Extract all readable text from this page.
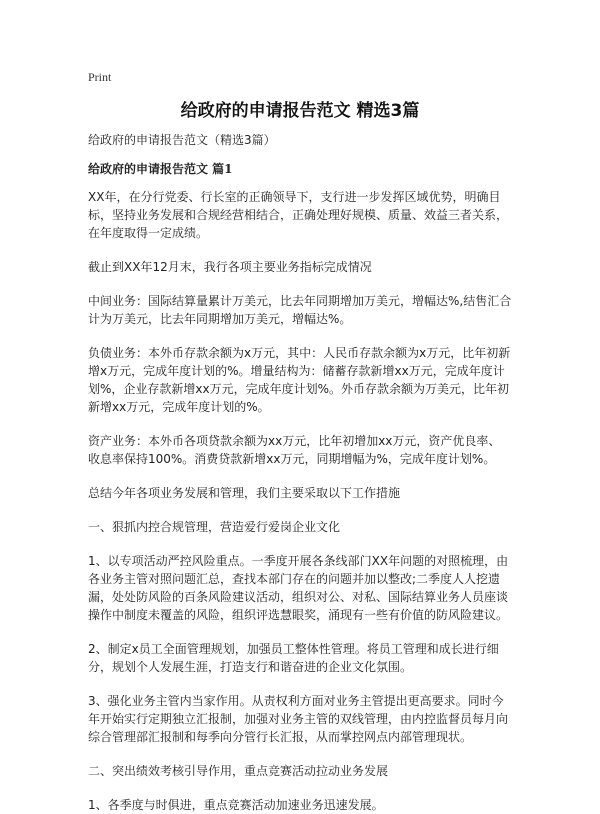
Print
给政府的申请报告范文 精选3篇

给政府的申请报告范文（精选3篇）

给政府的申请报告范文 篇1

XX年，在分行党委、行长室的正确领导下，支行进一步发挥区域优势，明确目标，坚持业务发展和合规经营相结合，正确处理好规模、质量、效益三者关系，在年度取得一定成绩。

截止到XX年12月末，我行各项主要业务指标完成情况

中间业务：国际结算量累计万美元，比去年同期增加万美元，增幅达%,结售汇合计为万美元，比去年同期增加万美元，增幅达%。

负债业务：本外币存款余额为x万元，其中：人民币存款余额为x万元，比年初新增x万元，完成年度计划的%。增量结构为：储蓄存款新增xx万元，完成年度计划%，企业存款新增xx万元，完成年度计划%。外币存款余额为万美元，比年初新增xx万元，完成年度计划的%。

资产业务：本外币各项贷款余额为xx万元，比年初增加xx万元，资产优良率、收息率保持100%。消费贷款新增xx万元，同期增幅为%，完成年度计划%。

总结今年各项业务发展和管理，我们主要采取以下工作措施

一、狠抓内控合规管理，营造爱行爱岗企业文化

1、以专项活动严控风险重点。一季度开展各条线部门XX年问题的对照梳理，由各业务主管对照问题汇总，查找本部门存在的问题并加以整改;二季度人人挖遗漏，处处防风险的百条风险建议活动，组织对公、对私、国际结算业务人员座谈操作中制度未覆盖的风险，组织评选慧眼奖，涌现有一些有价值的防风险建议。

2、制定x员工全面管理规划，加强员工整体性管理。将员工管理和成长进行细分，规划个人发展生涯，打造支行和谐奋进的企业文化氛围。

3、强化业务主管内当家作用。从责权利方面对业务主管提出更高要求。同时今年开始实行定期独立汇报制，加强对业务主管的双线管理，由内控监督员每月向综合管理部汇报制和每季向分管行长汇报，从而掌控网点内部管理现状。

二、突出绩效考核引导作用，重点竞赛活动拉动业务发展

1、各季度与时俱进，重点竞赛活动加速业务迅速发展。
